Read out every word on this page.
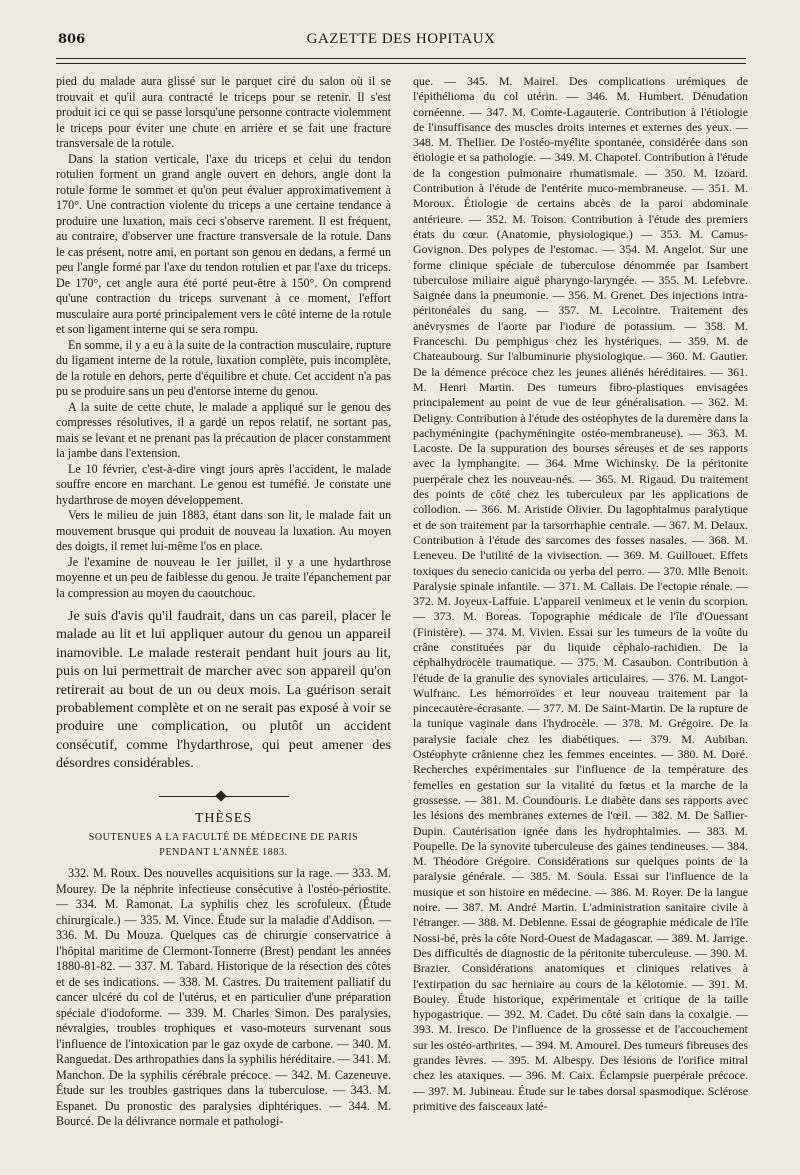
806	GAZETTE DES HOPITAUX

pied du malade aura glissé sur le parquet ciré du salon où il se trouvait et qu'il aura contracté le triceps pour se retenir. Il s'est produit ici ce qui se passe lorsqu'une personne contracte violemment le triceps pour éviter une chute en arrière et se fait une fracture transversale de la rotule.

Dans la station verticale, l'axe du triceps et celui du tendon rotulien forment un grand angle ouvert en dehors, angle dont la rotule forme le sommet et qu'on peut évaluer approximativement à 170°. Une contraction violente du triceps a une certaine tendance à produire une luxation, mais ceci s'observe rarement. Il est fréquent, au contraire, d'observer une fracture transversale de la rotule. Dans le cas présent, notre ami, en portant son genou en dedans, a fermé un peu l'angle formé par l'axe du tendon rotulien et par l'axe du triceps. De 170°, cet angle aura été porté peut-être à 150°. On comprend qu'une contraction du triceps survenant à ce moment, l'effort musculaire aura porté principalement vers le côté interne de la rotule et son ligament interne qui se sera rompu.

En somme, il y a eu à la suite de la contraction musculaire, rupture du ligament interne de la rotule, luxation complète, puis incomplète, de la rotule en dehors, perte d'équilibre et chute. Cet accident n'a pas pu se produire sans un peu d'entorse interne du genou.

A la suite de cette chute, le malade a appliqué sur le genou des compresses résolutives, il a gardé un repos relatif, ne sortant pas, mais se levant et ne prenant pas la précaution de placer constamment la jambe dans l'extension.

Le 10 février, c'est-à-dire vingt jours après l'accident, le malade souffre encore en marchant. Le genou est tuméfié. Je constate une hydarthrose de moyen développement.

Vers le milieu de juin 1883, étant dans son lit, le malade fait un mouvement brusque qui produit de nouveau la luxation. Au moyen des doigts, il remet lui-même l'os en place.

Je l'examine de nouveau le 1er juillet, il y a une hydarthrose moyenne et un peu de faiblesse du genou. Je traite l'épanchement par la compression au moyen du caoutchouc.

Je suis d'avis qu'il faudrait, dans un cas pareil, placer le malade au lit et lui appliquer autour du genou un appareil inamovible. Le malade resterait pendant huit jours au lit, puis on lui permettrait de marcher avec son appareil qu'on retirerait au bout de un ou deux mois. La guérison serait probablement complète et on ne serait pas exposé à voir se produire une complication, ou plutôt un accident consécutif, comme l'hydarthrose, qui peut amener des désordres considérables.

THÈSES
SOUTENUES A LA FACULTÉ DE MÉDECINE DE PARIS
PENDANT L'ANNÉE 1883.

332. M. Roux. Des nouvelles acquisitions sur la rage. — 333. M. Mourey. De la néphrite infectieuse consécutive à l'ostéo-périostite. — 334. M. Ramonat. La syphilis chez les scrofuleux. (Étude chirurgicale.) — 335. M. Vince. Étude sur la maladie d'Addison. — 336. M. Du Mouza. Quelques cas de chirurgie conservatrice à l'hôpital maritime de Clermont-Tonnerre (Brest) pendant les années 1880-81-82. — 337. M. Tabard. Historique de la résection des côtes et de ses indications. — 338. M. Castres. Du traitement palliatif du cancer ulcéré du col de l'utérus, et en particulier d'une préparation spéciale d'iodoforme. — 339. M. Charles Simon. Des paralysies, névralgies, troubles trophiques et vaso-moteurs survenant sous l'influence de l'intoxication par le gaz oxyde de carbone. — 340. M. Ranguedat. Des arthropathies dans la syphilis héréditaire. — 341. M. Manchon. De la syphilis cérébrale précoce. — 342. M. Cazeneuve. Étude sur les troubles gastriques dans la tuberculose. — 343. M. Espanet. Du pronostic des paralysies diphtériques. — 344. M. Bourcé. De la délivrance normale et pathologi-

que. — 345. M. Mairel. Des complications urémiques de l'épithélioma du col utérin. — 346. M. Humbert. Dénudation cornéenne. — 347. M. Comte-Lagauterie. Contribution à l'étiologie de l'insuffisance des muscles droits internes et externes des yeux. — 348. M. Thellier. De l'ostéo-myélite spontanée, considérée dans son étiologie et sa pathologie. — 349. M. Chapotel. Contribution à l'étude de la congestion pulmonaire rhumatismale. — 350. M. Izoard. Contribution à l'étude de l'entérite muco-membraneuse. — 351. M. Moroux. Étiologie de certains abcès de la paroi abdominale antérieure. — 352. M. Toison. Contribution à l'étude des premiers états du cœur. (Anatomie, physiologique.) — 353. M. Camus-Govignon. Des polypes de l'estomac. — 354. M. Angelot. Sur une forme clinique spéciale de tuberculose dénommée par Isambert tuberculose miliaire aiguë pharyngo-laryngée. — 355. M. Lefebvre. Saignée dans la pneumonie. — 356. M. Grenet. Des injections intra-péritonéales du sang. — 357. M. Lecointre. Traitement des anévrysmes de l'aorte par l'iodure de potassium. — 358. M. Franceschi. Du pemphigus chez les hystériques. — 359. M. de Chateaubourg. Sur l'albuminurie physiologique. — 360. M. Gautier. De la démence précoce chez les jeunes aliénés héréditaires. — 361. M. Henri Martin. Des tumeurs fibro-plastiques envisagées principalement au point de vue de leur généralisation. — 362. M. Deligny. Contribution à l'étude des ostéophytes de la duremère dans la pachyméningite (pachyméningite ostéo-membraneuse). — 363. M. Lacoste. De la suppuration des bourses séreuses et de ses rapports avec la lymphangite. — 364. Mme Wichinsky. De la péritonite puerpérale chez les nouveau-nés. — 365. M. Rigaud. Du traitement des points de côté chez les tuberculeux par les applications de collodion. — 366. M. Aristide Olivier. Du lagophtalmus paralytique et de son traitement par la tarsorrhaphie centrale. — 367. M. Delaux. Contribution à l'étude des sarcomes des fosses nasales. — 368. M. Leneveu. De l'utilité de la vivisection. — 369. M. Guillouet. Effets toxiques du senecio canicida ou yerba del perro. — 370. Mlle Benoit. Paralysie spinale infantile. — 371. M. Callais. De l'ectopie rénale. — 372. M. Joyeux-Laffuie. L'appareil venimeux et le venin du scorpion. — 373. M. Boreas. Topographie médicale de l'île d'Ouessant (Finistère). — 374. M. Vivien. Essai sur les tumeurs de la voûte du crâne constituées par du liquide céphalo-rachidien. De la céphalhydrocèle traumatique. — 375. M. Casaubon. Contribution à l'étude de la granulie des synoviales articulaires. — 376. M. Langot-Wulfranc. Les hémorroïdes et leur nouveau traitement par la pincecautère-écrasante. — 377. M. De Saint-Martin. De la rupture de la tunique vaginale dans l'hydrocèle. — 378. M. Grégoire. De la paralysie faciale chez les diabétiques. — 379. M. Aubiban. Ostéophyte crânienne chez les femmes enceintes. — 380. M. Doré. Recherches expérimentales sur l'influence de la température des femelles en gestation sur la vitalité du fœtus et la marche de la grossesse. — 381. M. Coundouris. Le diabète dans ses rapports avec les lésions des membranes externes de l'œil. — 382. M. De Sallier-Dupin. Cautérisation ignée dans les hydrophtalmies. — 383. M. Poupelle. De la synovite tuberculeuse des gaines tendineuses. — 384. M. Théodore Grégoire. Considérations sur quelques points de la paralysie générale. — 385. M. Soula. Essai sur l'influence de la musique et son histoire en médecine. — 386. M. Royer. De la langue noire. — 387. M. André Martin. L'administration sanitaire civile à l'étranger. — 388. M. Deblenne. Essai de géographie médicale de l'île Nossi-bé, près la côte Nord-Ouest de Madagascar. — 389. M. Jarrige. Des difficultés de diagnostic de la péritonite tuberculeuse. — 390. M. Brazier. Considérations anatomiques et cliniques relatives à l'extirpation du sac herniaire au cours de la kélotomie. — 391. M. Bouley. Étude historique, expérimentale et critique de la taille hypogastrique. — 392. M. Cadet. Du côté sain dans la coxalgie. — 393. M. Iresco. De l'influence de la grossesse et de l'accouchement sur les ostéo-arthrites. — 394. M. Amourel. Des tumeurs fibreuses des grandes lèvres. — 395. M. Albespy. Des lésions de l'orifice mitral chez les ataxiques. — 396. M. Caix. Éclampsie puerpérale précoce. — 397. M. Jubineau. Étude sur le tabes dorsal spasmodique. Sclérose primitive des faisceaux laté-
